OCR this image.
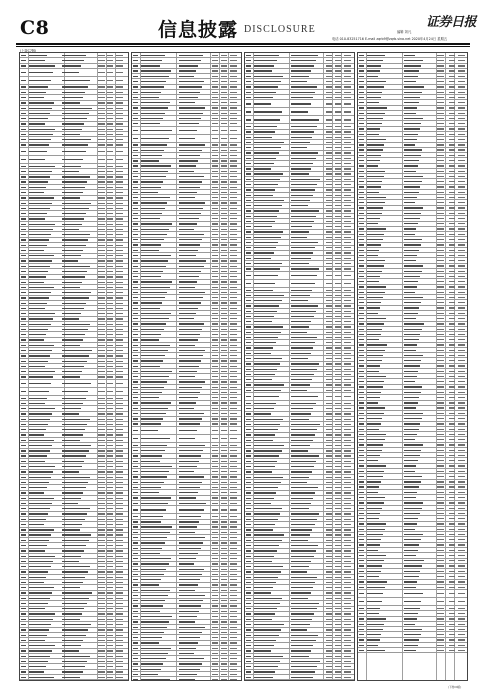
C8	信息披露 DISCLOSURE	证券日报
编辑 刘凡
电话 010-83251716 E-mail zqrb9@zqrb.sina.net 2020年4月24日 星期五
(上接C7版)
(下转C9版)
